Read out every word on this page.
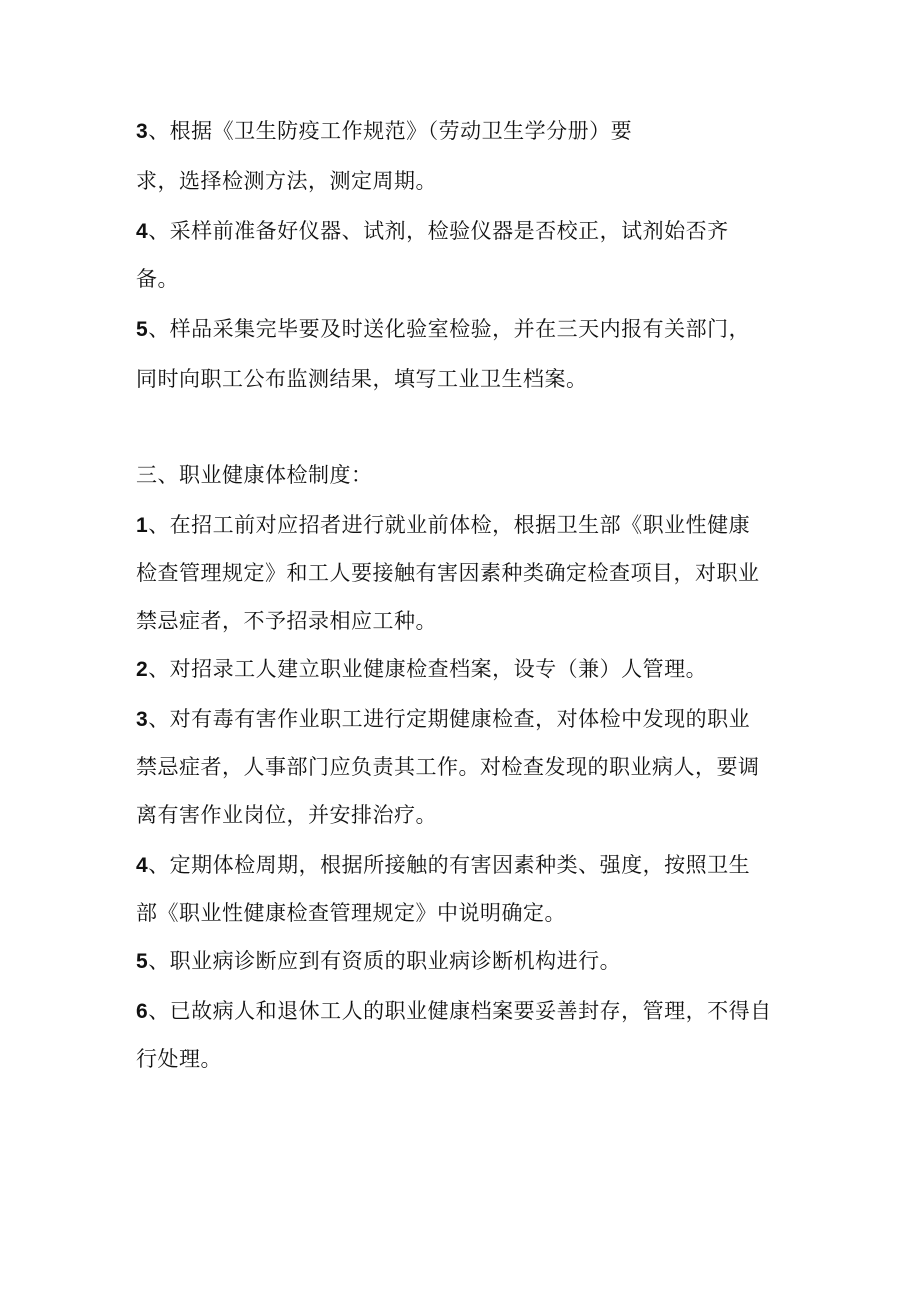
3、根据《卫生防疫工作规范》（劳动卫生学分册）要
求，选择检测方法，测定周期。
4、采样前准备好仪器、试剂，检验仪器是否校正，试剂始否齐
备。
5、样品采集完毕要及时送化验室检验，并在三天内报有关部门，
同时向职工公布监测结果，填写工业卫生档案。
三、职业健康体检制度：
1、在招工前对应招者进行就业前体检，根据卫生部《职业性健康
检查管理规定》和工人要接触有害因素种类确定检查项目，对职业
禁忌症者，不予招录相应工种。
2、对招录工人建立职业健康检查档案，设专（兼）人管理。
3、对有毒有害作业职工进行定期健康检查，对体检中发现的职业
禁忌症者，人事部门应负责其工作。对检查发现的职业病人，要调
离有害作业岗位，并安排治疗。
4、定期体检周期，根据所接触的有害因素种类、强度，按照卫生
部《职业性健康检查管理规定》中说明确定。
5、职业病诊断应到有资质的职业病诊断机构进行。
6、已故病人和退休工人的职业健康档案要妥善封存，管理，不得自
行处理。
